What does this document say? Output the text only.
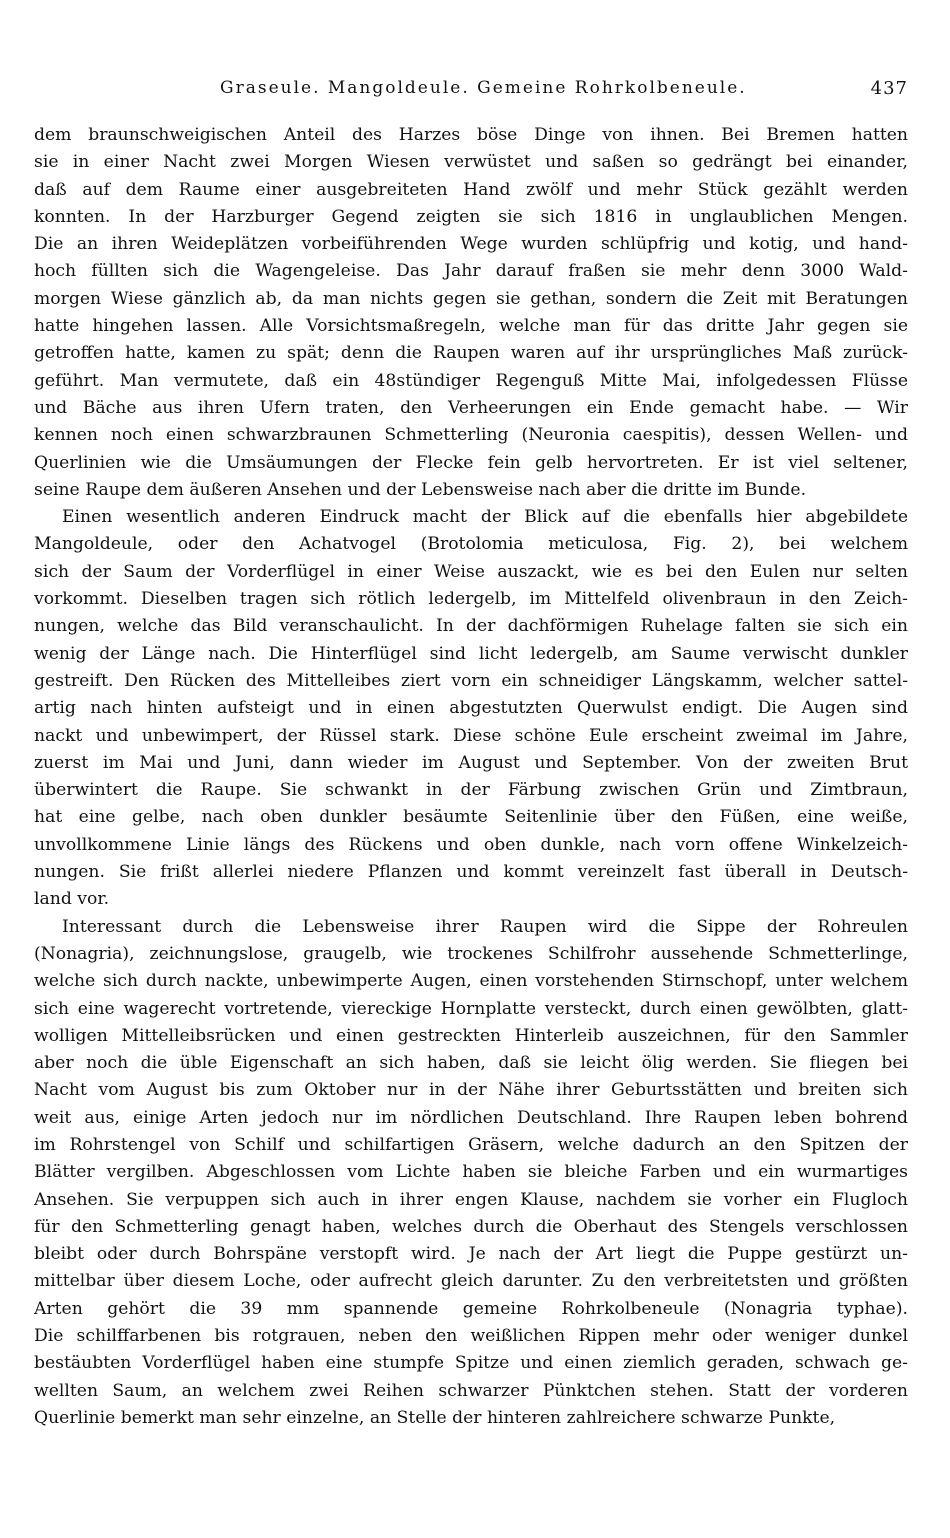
Graseule. Mangoldeule. Gemeine Rohrkolbeneule.	437
dem braunschweigischen Anteil des Harzes böse Dinge von ihnen. Bei Bremen hatten
sie in einer Nacht zwei Morgen Wiesen verwüstet und saßen so gedrängt bei einander,
daß auf dem Raume einer ausgebreiteten Hand zwölf und mehr Stück gezählt werden
konnten. In der Harzburger Gegend zeigten sie sich 1816 in unglaublichen Mengen.
Die an ihren Weideplätzen vorbeiführenden Wege wurden schlüpfrig und kotig, und hand-
hoch füllten sich die Wagengeleise. Das Jahr darauf fraßen sie mehr denn 3000 Wald-
morgen Wiese gänzlich ab, da man nichts gegen sie gethan, sondern die Zeit mit Beratungen
hatte hingehen lassen. Alle Vorsichtsmaßregeln, welche man für das dritte Jahr gegen sie
getroffen hatte, kamen zu spät; denn die Raupen waren auf ihr ursprüngliches Maß zurück-
geführt. Man vermutete, daß ein 48stündiger Regenguß Mitte Mai, infolgedessen Flüsse
und Bäche aus ihren Ufern traten, den Verheerungen ein Ende gemacht habe. — Wir
kennen noch einen schwarzbraunen Schmetterling (Neuronia caespitis), dessen Wellen- und
Querlinien wie die Umsäumungen der Flecke fein gelb hervortreten. Er ist viel seltener,
seine Raupe dem äußeren Ansehen und der Lebensweise nach aber die dritte im Bunde.
Einen wesentlich anderen Eindruck macht der Blick auf die ebenfalls hier abgebildete
Mangoldeule, oder den Achatvogel (Brotolomia meticulosa, Fig. 2), bei welchem
sich der Saum der Vorderflügel in einer Weise auszackt, wie es bei den Eulen nur selten
vorkommt. Dieselben tragen sich rötlich ledergelb, im Mittelfeld olivenbraun in den Zeich-
nungen, welche das Bild veranschaulicht. In der dachförmigen Ruhelage falten sie sich ein
wenig der Länge nach. Die Hinterflügel sind licht ledergelb, am Saume verwischt dunkler
gestreift. Den Rücken des Mittelleibes ziert vorn ein schneidiger Längskamm, welcher sattel-
artig nach hinten aufsteigt und in einen abgestutzten Querwulst endigt. Die Augen sind
nackt und unbewimpert, der Rüssel stark. Diese schöne Eule erscheint zweimal im Jahre,
zuerst im Mai und Juni, dann wieder im August und September. Von der zweiten Brut
überwintert die Raupe. Sie schwankt in der Färbung zwischen Grün und Zimtbraun,
hat eine gelbe, nach oben dunkler besäumte Seitenlinie über den Füßen, eine weiße,
unvollkommene Linie längs des Rückens und oben dunkle, nach vorn offene Winkelzeich-
nungen. Sie frißt allerlei niedere Pflanzen und kommt vereinzelt fast überall in Deutsch-
land vor.
Interessant durch die Lebensweise ihrer Raupen wird die Sippe der Rohreulen
(Nonagria), zeichnungslose, graugelb, wie trockenes Schilfrohr aussehende Schmetterlinge,
welche sich durch nackte, unbewimperte Augen, einen vorstehenden Stirnschopf, unter welchem
sich eine wagerecht vortretende, viereckige Hornplatte versteckt, durch einen gewölbten, glatt-
wolligen Mittelleibsrücken und einen gestreckten Hinterleib auszeichnen, für den Sammler
aber noch die üble Eigenschaft an sich haben, daß sie leicht ölig werden. Sie fliegen bei
Nacht vom August bis zum Oktober nur in der Nähe ihrer Geburtsstätten und breiten sich
weit aus, einige Arten jedoch nur im nördlichen Deutschland. Ihre Raupen leben bohrend
im Rohrstengel von Schilf und schilfartigen Gräsern, welche dadurch an den Spitzen der
Blätter vergilben. Abgeschlossen vom Lichte haben sie bleiche Farben und ein wurmartiges
Ansehen. Sie verpuppen sich auch in ihrer engen Klause, nachdem sie vorher ein Flugloch
für den Schmetterling genagt haben, welches durch die Oberhaut des Stengels verschlossen
bleibt oder durch Bohrspäne verstopft wird. Je nach der Art liegt die Puppe gestürzt un-
mittelbar über diesem Loche, oder aufrecht gleich darunter. Zu den verbreitetsten und größten
Arten gehört die 39 mm spannende gemeine Rohrkolbeneule (Nonagria typhae).
Die schilffarbenen bis rotgrauen, neben den weißlichen Rippen mehr oder weniger dunkel
bestäubten Vorderflügel haben eine stumpfe Spitze und einen ziemlich geraden, schwach ge-
wellten Saum, an welchem zwei Reihen schwarzer Pünktchen stehen. Statt der vorderen
Querlinie bemerkt man sehr einzelne, an Stelle der hinteren zahlreichere schwarze Punkte,
